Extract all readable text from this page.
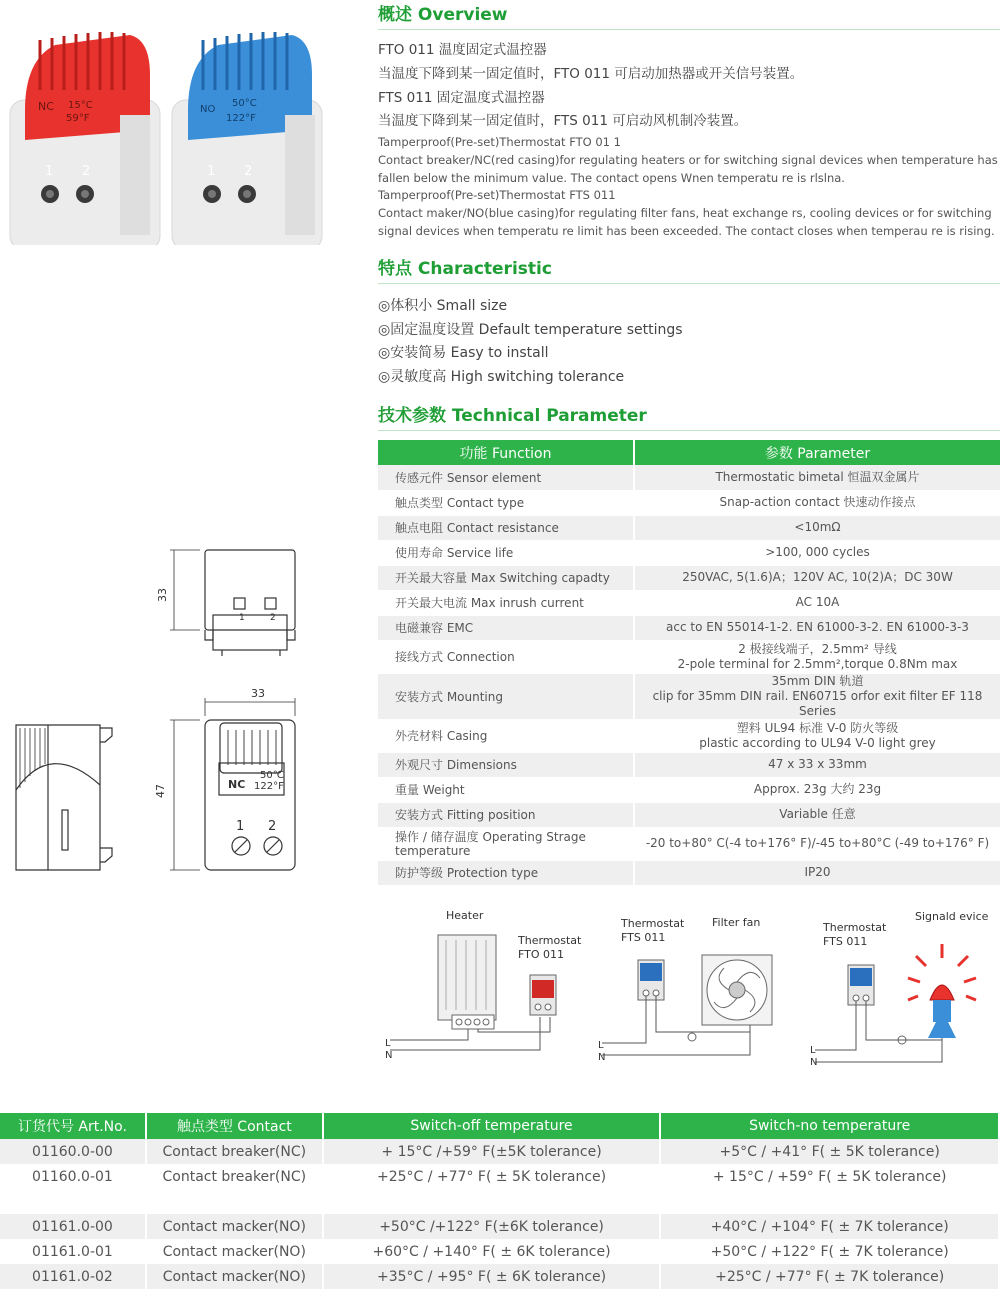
NC 15°C
59°F
1 2
NO
50°C
122°F
1 2
概述 Overview
FTO 011 温度固定式温控器
当温度下降到某一固定值时，FTO 011 可启动加热器或开关信号装置。
FTS 011 固定温度式温控器
当温度下降到某一固定值时，FTS 011 可启动风机制冷装置。
Tamperproof(Pre-set)Thermostat FTO 01 1
Contact breaker/NC(red casing)for regulating heaters or for switching signal devices when temperature has fallen below the minimum value. The contact opens Wnen temperatu re is rlslna.
Tamperproof(Pre-set)Thermostat FTS 011
Contact maker/NO(blue casing)for regulating filter fans, heat exchange rs, cooling devices or for switching signal devices when temperatu re limit has been exceeded. The contact closes when temperau re is rising.
特点 Characteristic
◎体积小 Small size
◎固定温度设置 Default temperature settings
◎安装简易 Easy to install
◎灵敏度高 High switching tolerance
技术参数 Technical Parameter
功能 Function	参数 Parameter
传感元件 Sensor element	Thermostatic bimetal 恒温双金属片
触点类型 Contact type	Snap-action contact 快速动作接点
触点电阻 Contact resistance	<10mΩ
使用寿命 Service life	>100, 000 cycles
开关最大容量 Max Switching capadty	250VAC, 5(1.6)A；120V AC, 10(2)A；DC 30W
开关最大电流 Max inrush current	AC 10A
电磁兼容 EMC	acc to EN 55014-1-2. EN 61000-3-2. EN 61000-3-3
接线方式 Connection	2 极接线端子，2.5mm² 导线
2-pole terminal for 2.5mm²,torque 0.8Nm max

安装方式 Mounting	35mm DIN 轨道
clip for 35mm DIN rail. EN60715 orfor exit filter EF 118 Series

外壳材料 Casing	塑料 UL94 标准 V-0 防火等级
plastic according to UL94 V-0 light grey

外观尺寸 Dimensions	47 x 33 x 33mm
重量 Weight	Approx. 23g 大约 23g
安装方式 Fitting position	Variable 任意
操作 / 储存温度 Operating Strage temperature	-20 to+80° C(-4 to+176° F)/-45 to+80°C (-49 to+176° F)
防护等级 Protection type	IP20
33
1	2
33
47	NC
50℃
122°F
1 2
Heater
Thermostat
FTO 011
L
N
Thermostat
FTS 011
Filter fan
L
N
Thermostat
FTS 011
Signald evice
L
N
订货代号 Art.No.	触点类型 Contact	Switch-off temperature	Switch-no temperature
01160.0-00	Contact breaker(NC)	+ 15°C /+59° F(±5K tolerance)	+5°C / +41° F( ± 5K tolerance)
01160.0-01	Contact breaker(NC)	+25°C / +77° F( ± 5K tolerance)	+ 15°C / +59° F( ± 5K tolerance)
		Switch-on temperature	Switch-off temperature
01161.0-00	Contact macker(NO)	+50°C /+122° F(±6K tolerance)	+40°C / +104° F( ± 7K tolerance)
01161.0-01	Contact macker(NO)	+60°C / +140° F( ± 6K tolerance)	+50°C / +122° F( ± 7K tolerance)
01161.0-02	Contact macker(NO)	+35°C / +95° F( ± 6K tolerance)	+25°C / +77° F( ± 7K tolerance)
